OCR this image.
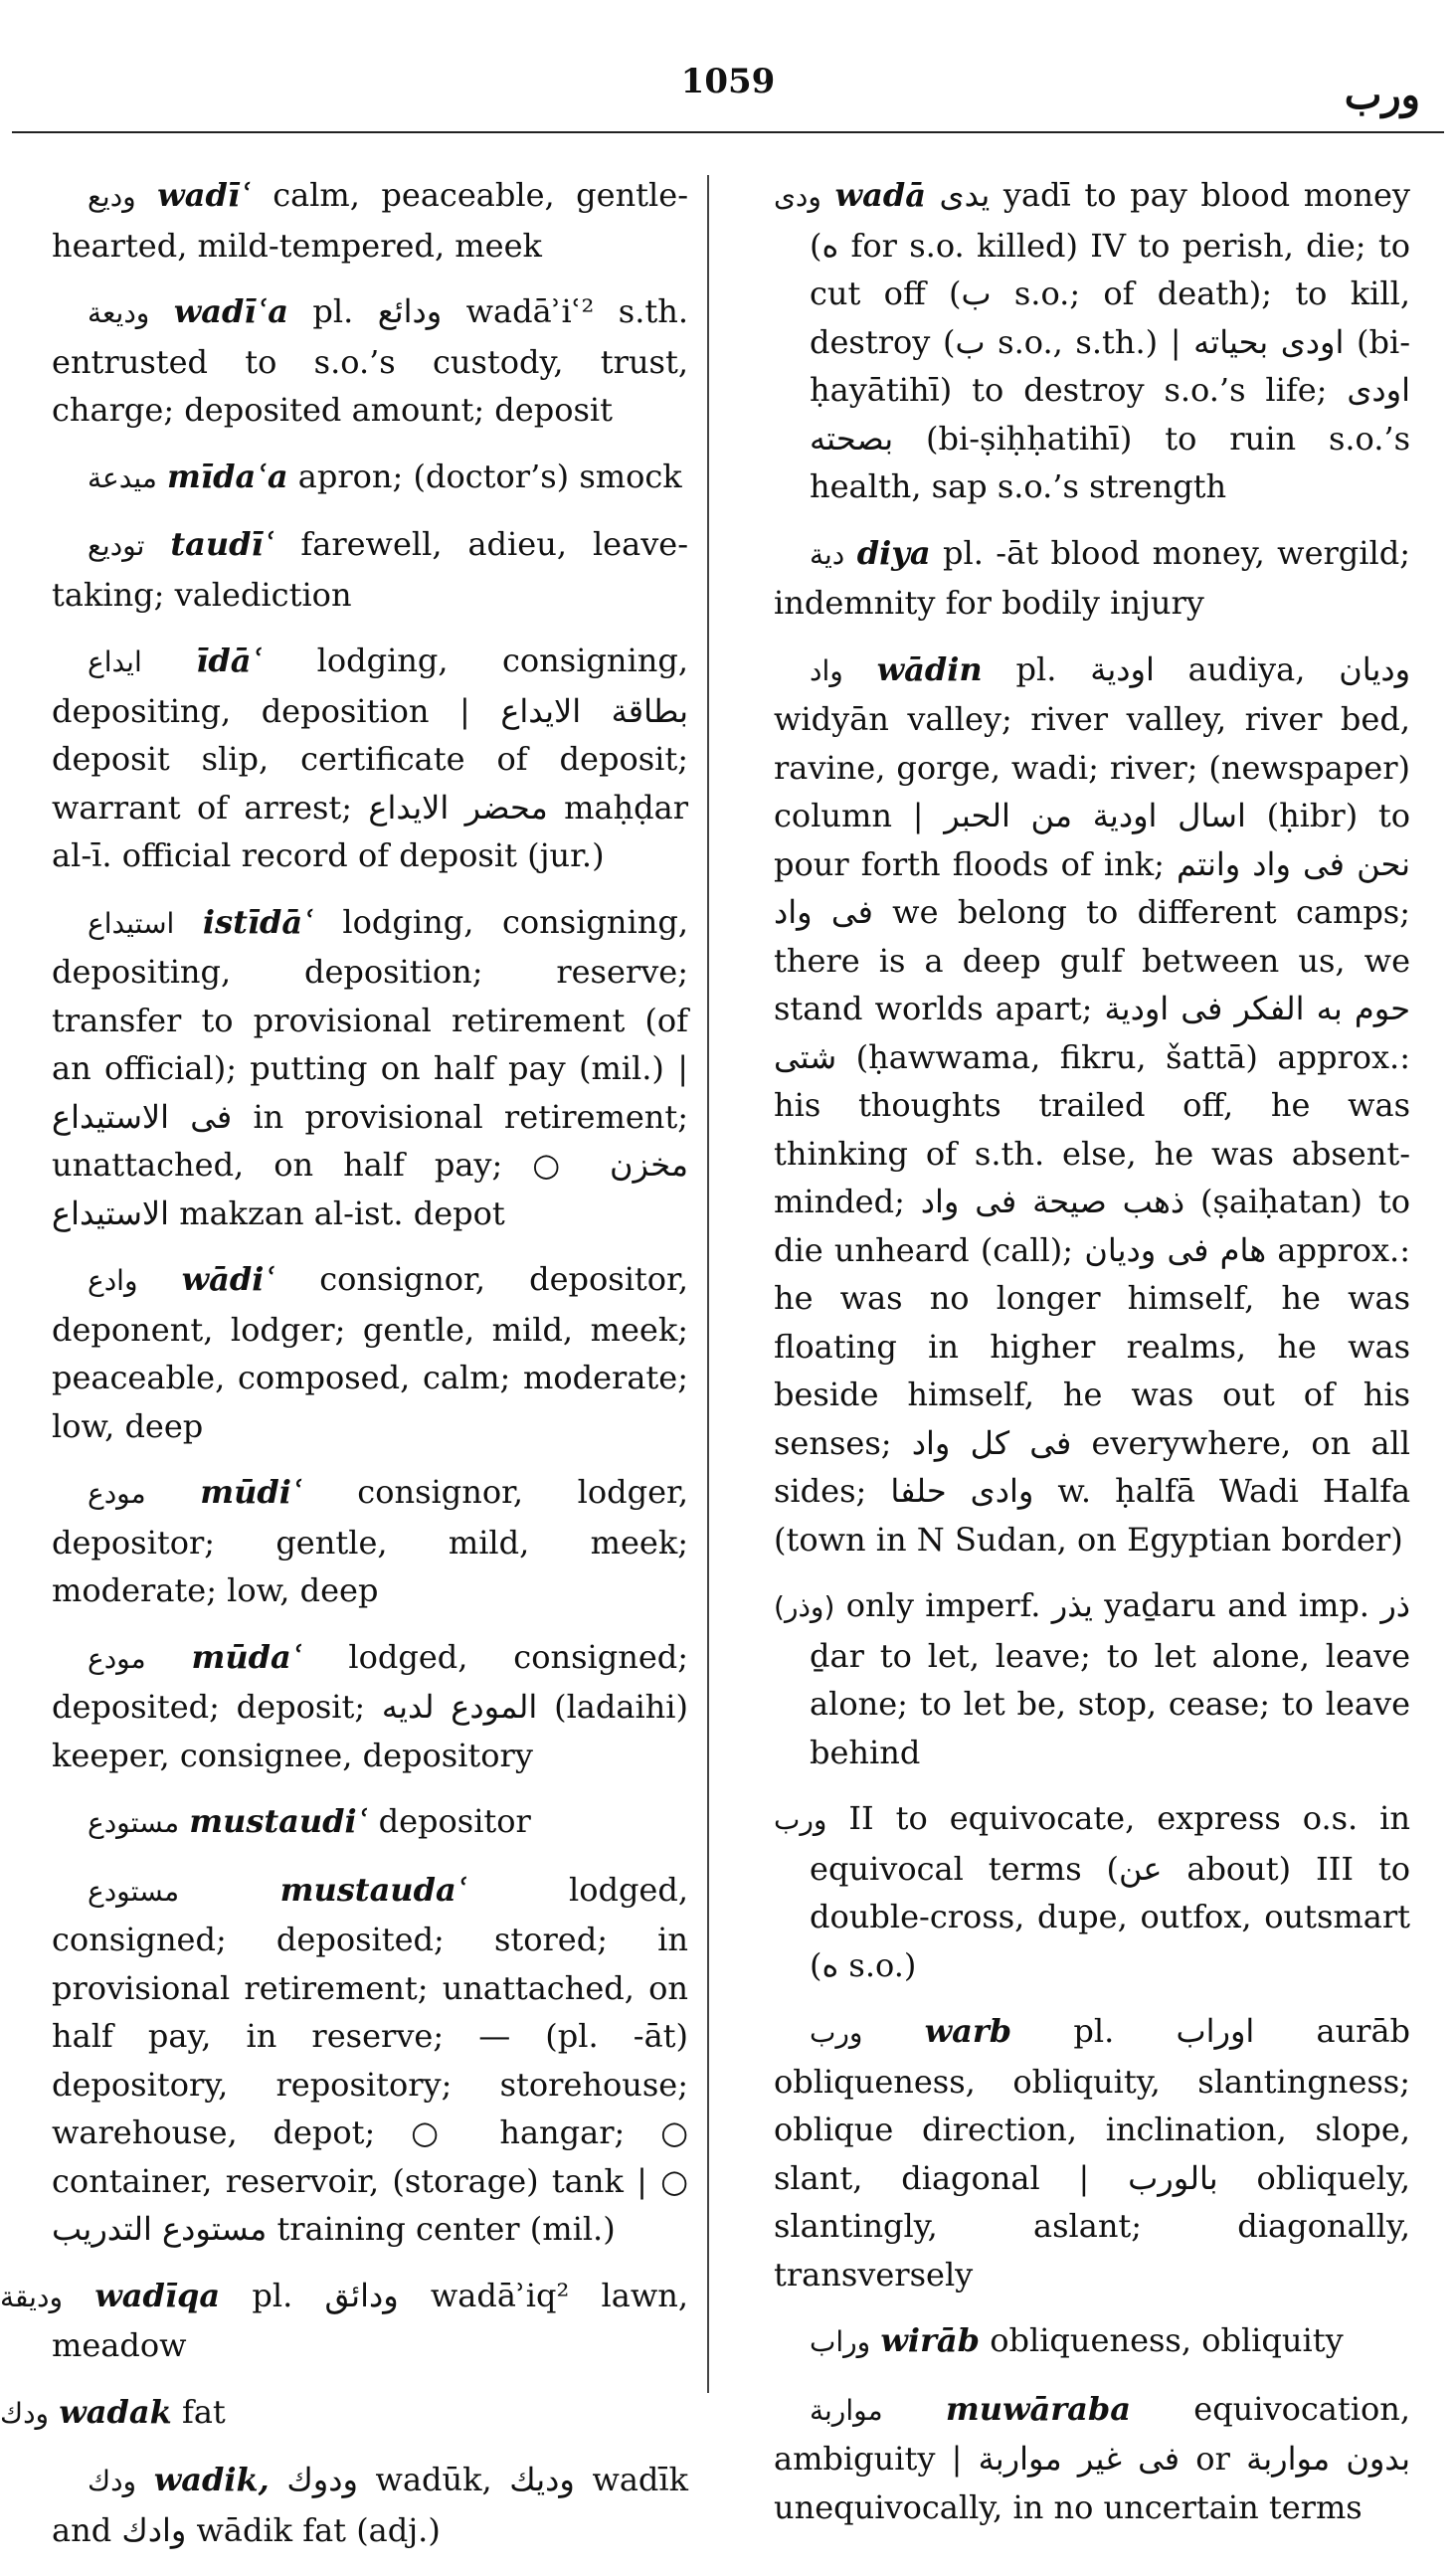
1059	ورب

وديع wadīʿ calm, peaceable, gentle-hearted, mild-tempered, meek

وديعة wadīʿa pl. ودائع wadāʾiʿ² s.th. entrusted to s.o.’s custody, trust, charge; deposited amount; deposit

ميدعة mīdaʿa apron; (doctor’s) smock

توديع taudīʿ farewell, adieu, leave-taking; valediction

ايداع īdāʿ lodging, consigning, depositing, deposition | بطاقة الايداع deposit slip, certificate of deposit; warrant of arrest; محضر الايداع maḥḍar al-ī. official record of deposit (jur.)

استيداع istīdāʿ lodging, consigning, depositing, deposition; reserve; transfer to provisional retirement (of an official); putting on half pay (mil.) | فى الاستيداع in provisional retirement; unattached, on half pay; ○ مخزن الاستيداع makzan al-ist. depot

وادع wādiʿ consignor, depositor, deponent, lodger; gentle, mild, meek; peaceable, composed, calm; moderate; low, deep

مودع mūdiʿ consignor, lodger, depositor; gentle, mild, meek; moderate; low, deep

مودع mūdaʿ lodged, consigned; deposited; deposit; المودع لديه (ladaihi) keeper, consignee, depository

مستودع mustaudiʿ depositor

مستودع	mustaudaʿ	lodged, consigned; deposited; stored; in provisional retirement; unattached, on half pay, in reserve; — (pl. -āt) depository, repository; storehouse; warehouse, depot; ○ hangar; ○ container, reservoir, (storage) tank | ○ مستودع التدريب training center (mil.)

وديقة wadīqa pl. ودائق wadāʾiq² lawn, meadow

ودك wadak fat

ودك wadik, ودوك wadūk, وديك wadīk and وادك wādik fat (adj.)

ودى wadā يدى yadī to pay blood money (ه for s.o. killed) IV to perish, die; to cut off (ب s.o.; of death); to kill, destroy (ب s.o., s.th.) | اودى بحياته (bi-ḥayātihī) to destroy s.o.’s life; اودى بصحته (bi-ṣiḥḥatihī) to ruin s.o.’s health, sap s.o.’s strength

دية diya pl. -āt blood money, wergild; indemnity for bodily injury

واد wādin pl. اودية audiya, وديان widyān valley; river valley, river bed, ravine, gorge, wadi; river; (newspaper) column | اسال اودية من الحبر (ḥibr) to pour forth floods of ink; نحن فى واد وانتم فى واد we belong to different camps; there is a deep gulf between us, we stand worlds apart; حوم به الفكر فى اودية شتى (ḥawwama, fikru, šattā) approx.: his thoughts trailed off, he was thinking of s.th. else, he was absent-minded; ذهب صيحة فى واد (ṣaiḥatan) to die unheard (call); هام فى وديان approx.: he was no longer himself, he was floating in higher realms, he was beside himself, he was out of his senses; فى كل واد everywhere, on all sides; وادى حلفا w. ḥalfā Wadi Halfa (town in N Sudan, on Egyptian border)

(وذر) only imperf. يذر yaḏaru and imp. ذر ḏar to let, leave; to let alone, leave alone; to let be, stop, cease; to leave behind

ورب II to equivocate, express o.s. in equivocal terms (عن about) III to double-cross, dupe, outfox, outsmart (ه s.o.)

ورب warb pl. اوراب aurāb obliqueness, obliquity, slantingness; oblique direction, inclination, slope, slant, diagonal | بالورب obliquely, slantingly, aslant; diagonally, transversely

وراب wirāb obliqueness, obliquity

مواربة muwāraba equivocation, ambiguity | فى غير مواربة or بدون مواربة unequivocally, in no uncertain terms
